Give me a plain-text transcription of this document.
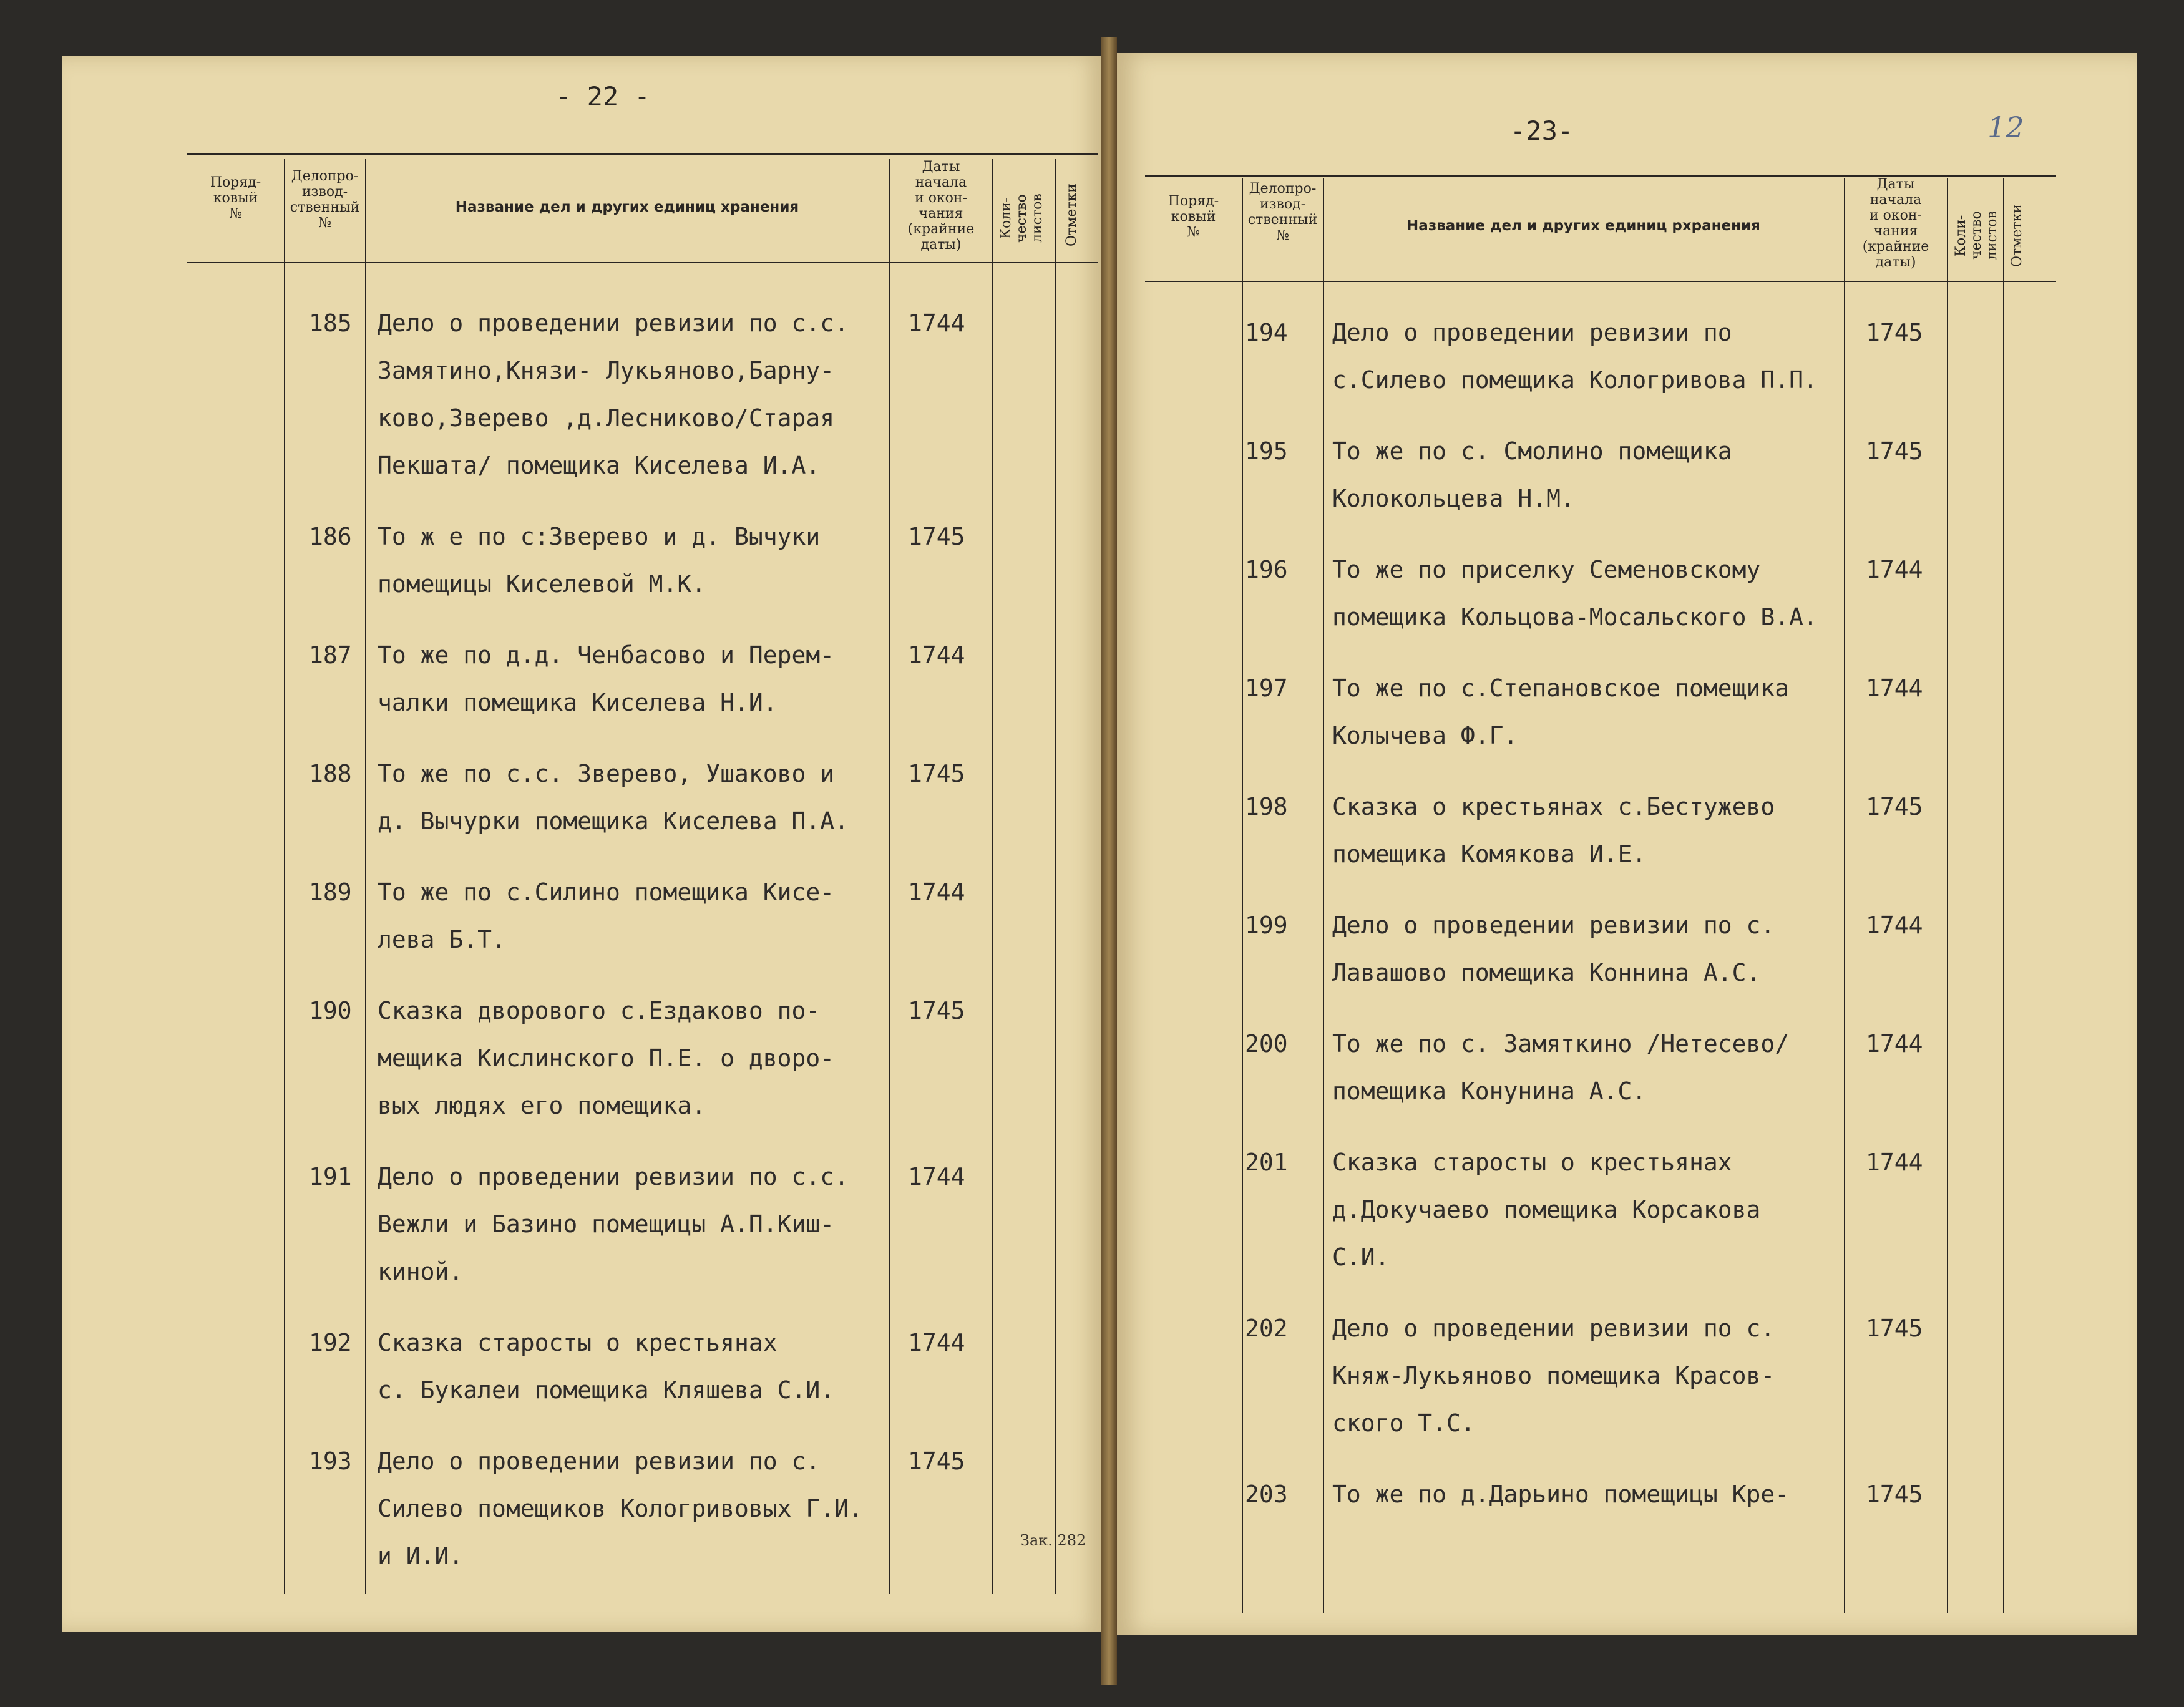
- 22 -
Поряд-
ковый
№
Делопро-
извод-
ственный
№
Название дел и других единиц хранения
Даты
начала
и окон-
чания
(крайние
даты)
Коли-
чество
листов Отметки
185 Дело о проведении ревизии по с.с.
Замятино,Князи- Лукьяново,Барну-
ково,Зверево ,д.Лесниково/Старая
Пекшата/ помещика Киселева И.А.
1744
186 То ж е по с:Зверево и д. Вычуки
помещицы Киселевой М.К.
1745
187 То же по д.д. Ченбасово и Перем-
чалки помещика Киселева Н.И.
1744
188 То же по с.с. Зверево, Ушаково и
д. Вычурки помещика Киселева П.А.
1745
189 То же по с.Силино помещика Кисе-
лева Б.Т.
1744
190 Сказка дворового с.Ездаково по-
мещика Кислинского П.Е. о дворо-
вых людях его помещика.
1745
191 Дело о проведении ревизии по с.с.
Вежли и Базино помещицы А.П.Киш-
киной.
1744
192 Сказка старосты о крестьянах
с. Букалеи помещика Кляшева С.И.
1744
193 Дело о проведении ревизии по с.
Силево помещиков Кологривовых Г.И.
и И.И.
1745
Зак. 282
-23-	12
Поряд-
ковый
№
Делопро-
извод-
ственный
№
Название дел и других единиц рхранения
Даты
начала
и окон-
чания
(крайние
даты)
Коли-
чество
листов Отметки
194 Дело о проведении ревизии по
с.Силево помещика Кологривова П.П.
1745
195 То же по с. Смолино помещика
Колокольцева Н.М.
1745
196 То же по приселку Семеновскому
помещика Кольцова-Мосальского В.А.
1744
197 То же по с.Степановское помещика
Колычева Ф.Г.
1744
198 Сказка о крестьянах с.Бестужево
помещика Комякова И.Е.
1745
199 Дело о проведении ревизии по с.
Лавашово помещика Коннина А.С.
1744
200 То же по с. Замяткино /Нетесево/
помещика Конунина А.С.
1744
201 Сказка старосты о крестьянах
д.Докучаево помещика Корсакова
С.И.
1744
202 Дело о проведении ревизии по с.
Княж-Лукьяново помещика Красов-
ского Т.С.
1745
203 То же по д.Дарьино помещицы Кре-	1745
